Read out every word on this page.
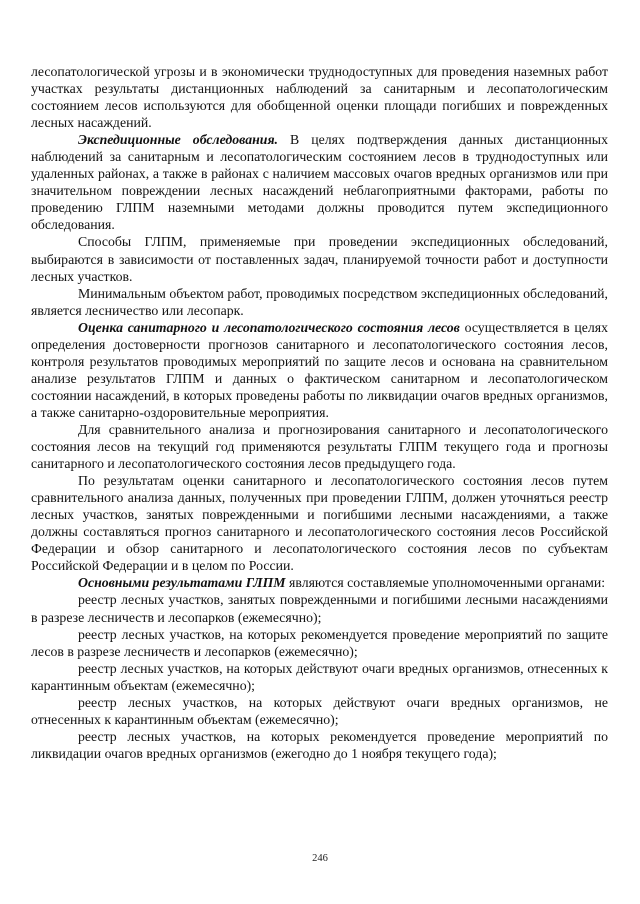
лесопатологической угрозы и в экономически труднодоступных для проведения наземных работ участках результаты дистанционных наблюдений за санитарным и лесопатологическим состоянием лесов используются для обобщенной оценки площади погибших и поврежденных лесных насаждений.

Экспедиционные обследования. В целях подтверждения данных дистанционных наблюдений за санитарным и лесопатологическим состоянием лесов в труднодоступных или удаленных районах, а также в районах с наличием массовых очагов вредных организмов или при значительном повреждении лесных насаждений неблагоприятными факторами, работы по проведению ГЛПМ наземными методами должны проводится путем экспедиционного обследования.

Способы ГЛПМ, применяемые при проведении экспедиционных обследований, выбираются в зависимости от поставленных задач, планируемой точности работ и доступности лесных участков.

Минимальным объектом работ, проводимых посредством экспедиционных обследований, является лесничество или лесопарк.

Оценка санитарного и лесопатологического состояния лесов осуществляется в целях определения достоверности прогнозов санитарного и лесопатологического состояния лесов, контроля результатов проводимых мероприятий по защите лесов и основана на сравнительном анализе результатов ГЛПМ и данных о фактическом санитарном и лесопатологическом состоянии насаждений, в которых проведены работы по ликвидации очагов вредных организмов, а также санитарно-оздоровительные мероприятия.

Для сравнительного анализа и прогнозирования санитарного и лесопатологического состояния лесов на текущий год применяются результаты ГЛПМ текущего года и прогнозы санитарного и лесопатологического состояния лесов предыдущего года.

По результатам оценки санитарного и лесопатологического состояния лесов путем сравнительного анализа данных, полученных при проведении ГЛПМ, должен уточняться реестр лесных участков, занятых поврежденными и погибшими лесными насаждениями, а также должны составляться прогноз санитарного и лесопатологического состояния лесов Российской Федерации и обзор санитарного и лесопатологического состояния лесов по субъектам Российской Федерации и в целом по России.

Основными результатами ГЛПМ являются составляемые уполномоченными органами:

реестр лесных участков, занятых поврежденными и погибшими лесными насаждениями в разрезе лесничеств и лесопарков (ежемесячно);

реестр лесных участков, на которых рекомендуется проведение мероприятий по защите лесов в разрезе лесничеств и лесопарков (ежемесячно);

реестр лесных участков, на которых действуют очаги вредных организмов, отнесенных к карантинным объектам (ежемесячно);

реестр лесных участков, на которых действуют очаги вредных организмов, не отнесенных к карантинным объектам (ежемесячно);

реестр лесных участков, на которых рекомендуется проведение мероприятий по ликвидации очагов вредных организмов (ежегодно до 1 ноября текущего года);

246
